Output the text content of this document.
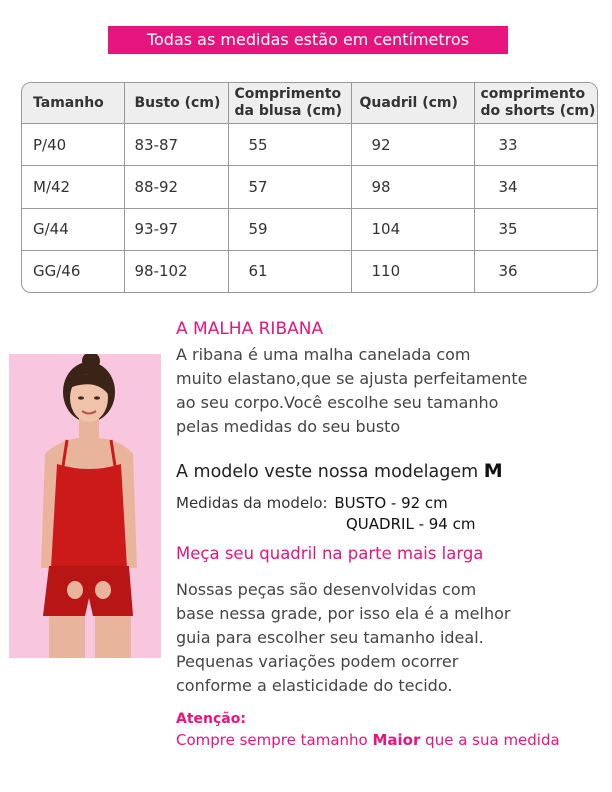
Todas as medidas estão em centímetros
Tamanho	Busto (cm)	Comprimento da blusa (cm)	Quadril (cm)	comprimento do shorts (cm)
P/40	83-87	55	92	33
M/42	88-92	57	98	34
G/44	93-97	59	104	35
GG/46	98-102	61	110	36
A MALHA RIBANA
A ribana é uma malha canelada com
muito elastano,que se ajusta perfeitamente
ao seu corpo.Você escolhe seu tamanho
pelas medidas do seu busto
A modelo veste nossa modelagem M
Medidas da modelo: BUSTO - 92 cm
QUADRIL - 94 cm
Meça seu quadril na parte mais larga
Nossas peças são desenvolvidas com
base nessa grade, por isso ela é a melhor
guia para escolher seu tamanho ideal.
Pequenas variações podem ocorrer
conforme a elasticidade do tecido.
Atenção:
Compre sempre tamanho Maior que a sua medida
